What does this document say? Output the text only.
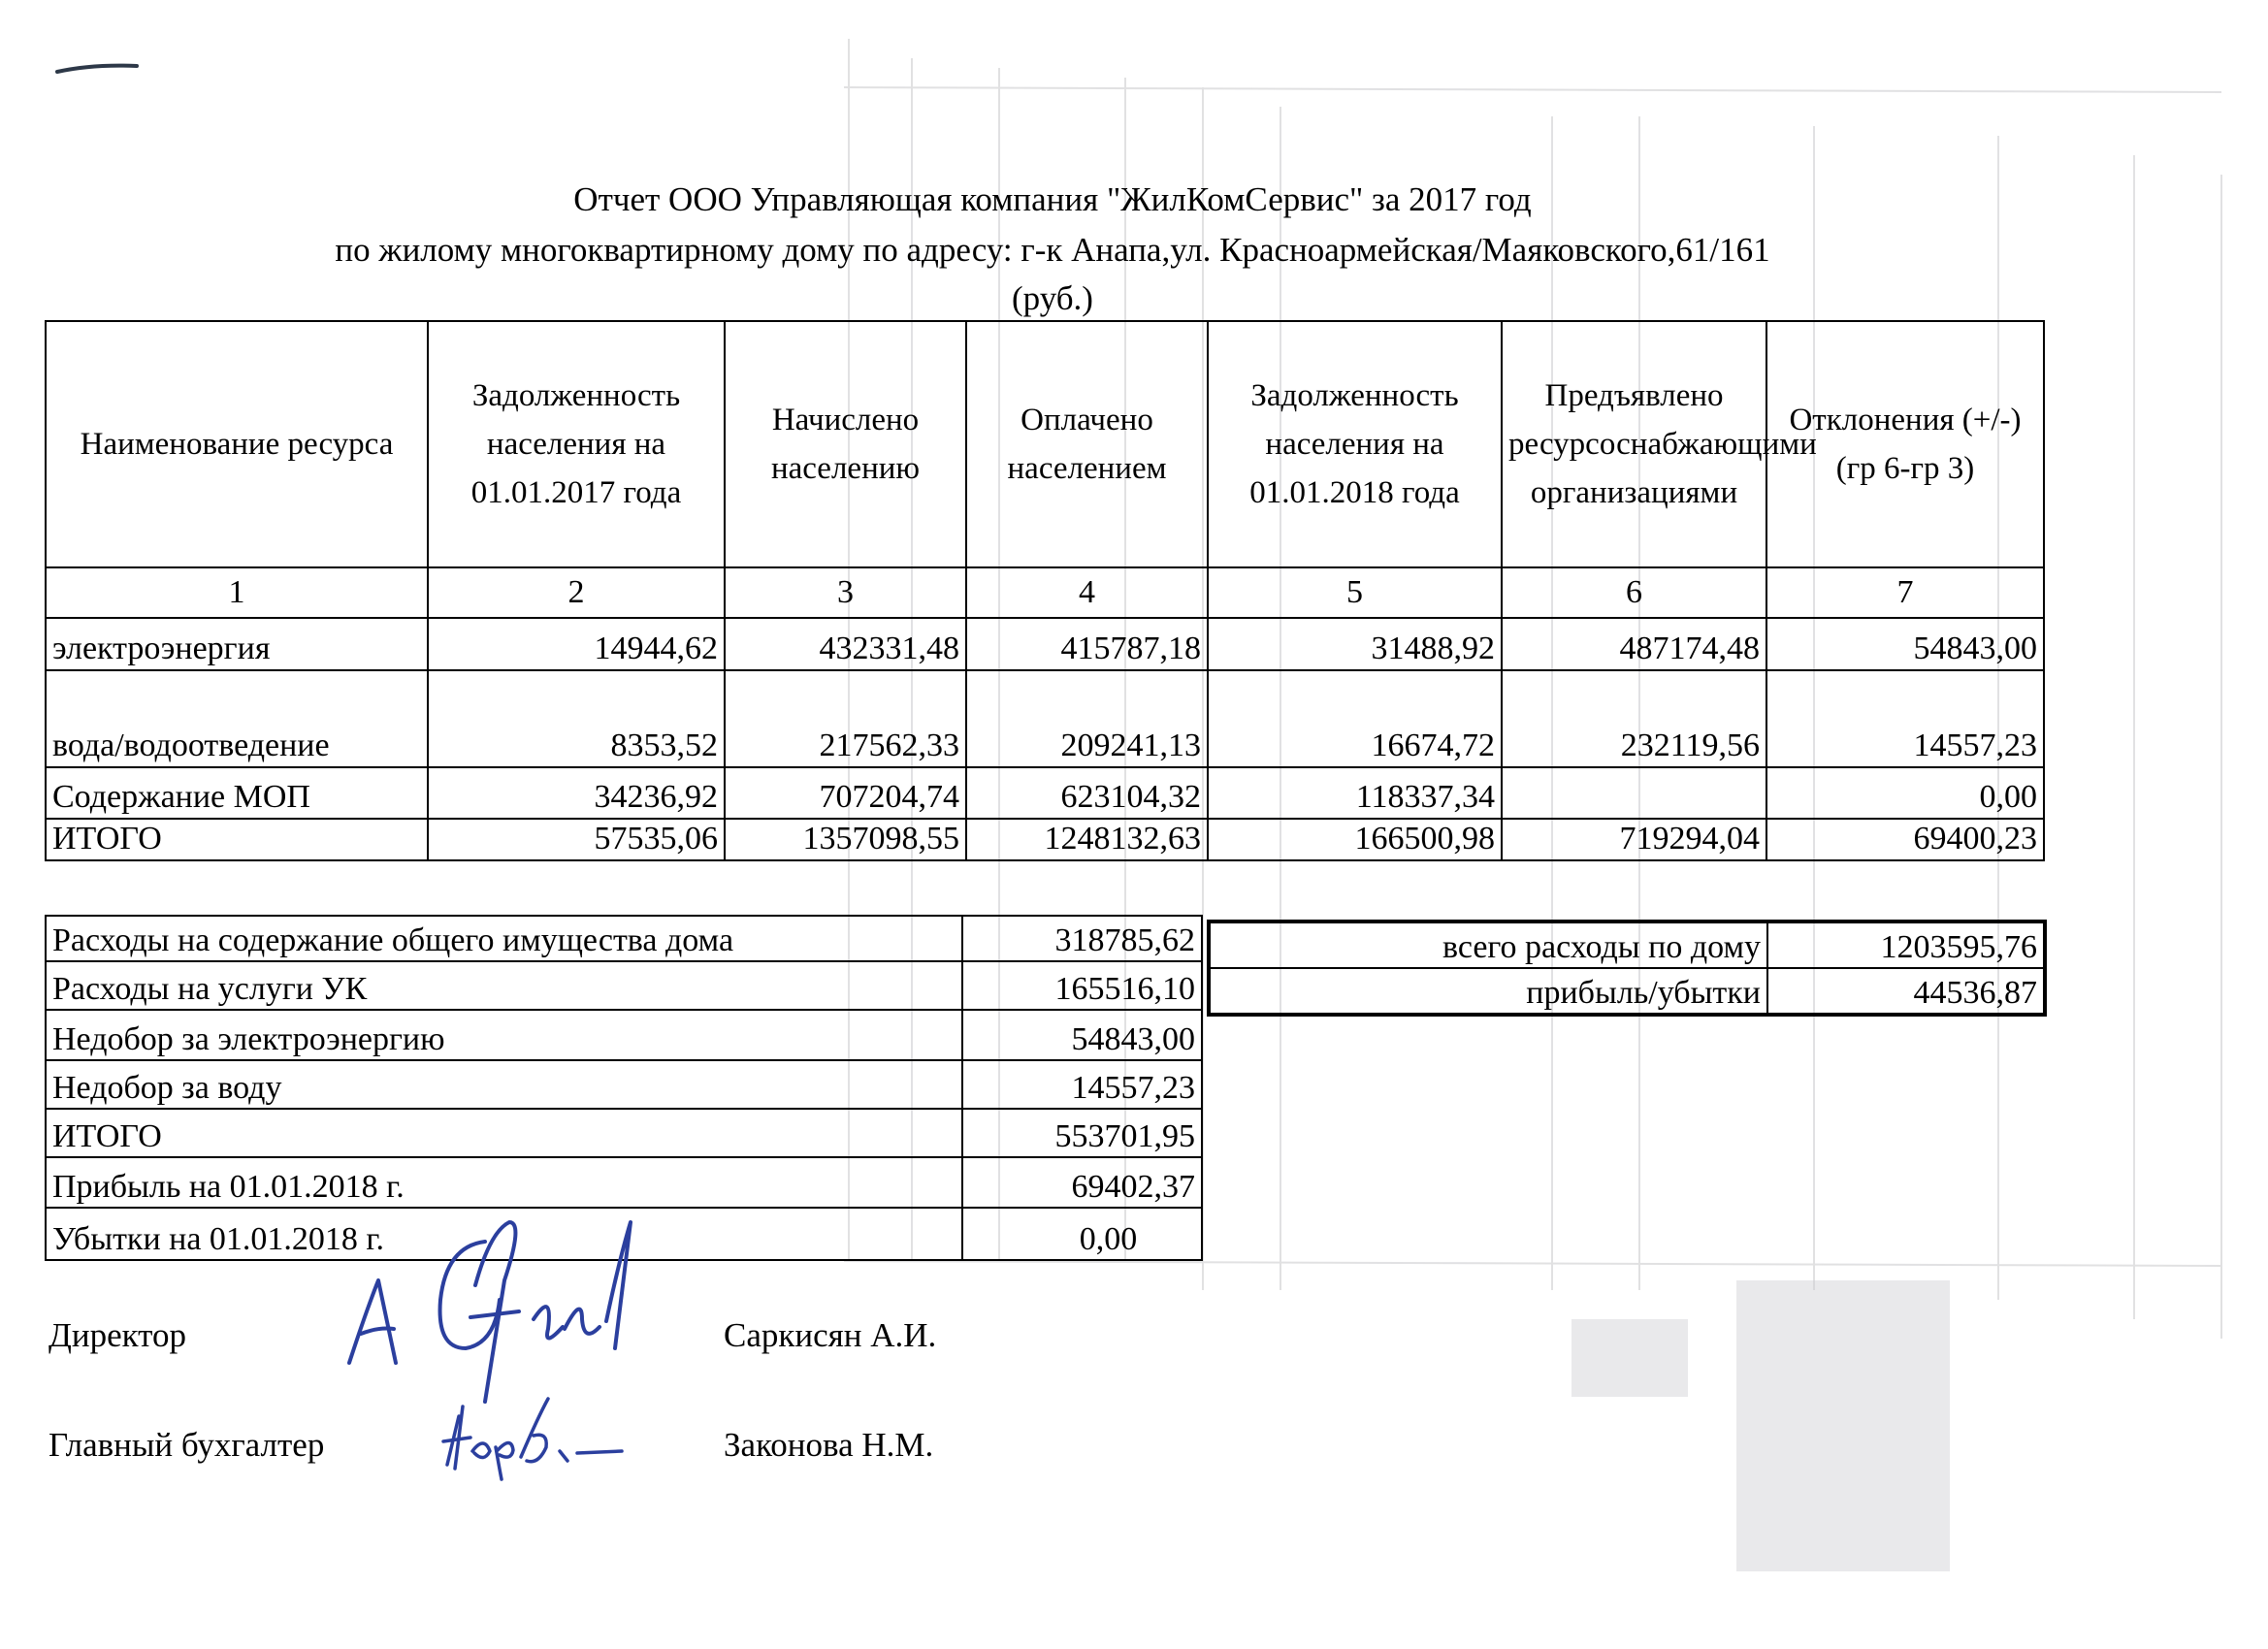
Отчет ООО Управляющая компания "ЖилКомСервис" за 2017 год
по жилому многоквартирному дому по адресу: г-к Анапа,ул. Красноармейская/Маяковского,61/161
(руб.)
Наименование ресурса	Задолженность населения на 01.01.2017 года	Начислено населению	Оплачено населением	Задолженность населения на 01.01.2018 года	Предъявлено ресурсоснабжающими организациями	Отклонения (+/-)(гр 6-гр 3)
1	2	3	4	5	6	7
электроэнергия	14944,62	432331,48	415787,18	31488,92	487174,48	54843,00
вода/водоотведение	8353,52	217562,33	209241,13	16674,72	232119,56	14557,23
Содержание МОП	34236,92	707204,74	623104,32	118337,34		0,00
ИТОГО	57535,06	1357098,55	1248132,63	166500,98	719294,04	69400,23
Расходы на содержание общего имущества дома	318785,62
Расходы на услуги УК	165516,10
Недобор за электроэнергию	54843,00
Недобор за воду	14557,23
ИТОГО	553701,95
Прибыль на 01.01.2018 г.	69402,37
Убытки на 01.01.2018 г.	0,00
всего расходы по дому	1203595,76
прибыль/убытки	44536,87
Директор	Саркисян А.И.
Главный бухгалтер	Законова Н.М.
